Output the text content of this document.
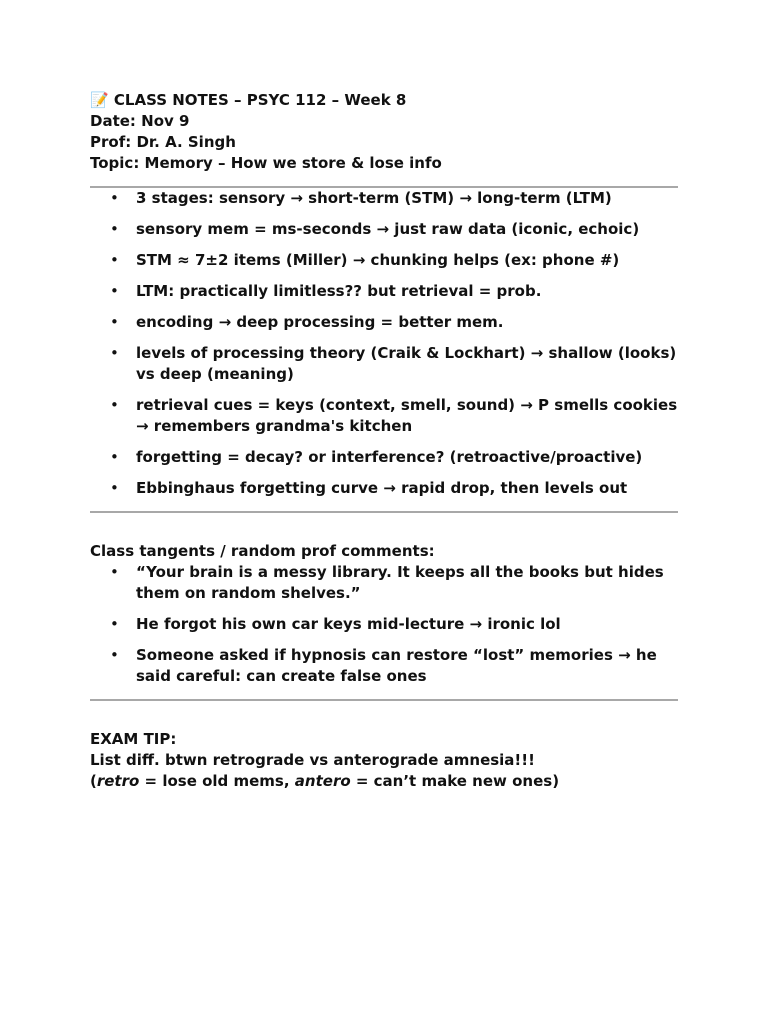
📝 CLASS NOTES – PSYC 112 – Week 8
Date: Nov 9
Prof: Dr. A. Singh
Topic: Memory – How we store & lose info
• 3 stages: sensory → short-term (STM) → long-term (LTM)
• sensory mem = ms-seconds → just raw data (iconic, echoic)
• STM ≈ 7±2 items (Miller) → chunking helps (ex: phone #)
• LTM: practically limitless?? but retrieval = prob.
• encoding → deep processing = better mem.
• levels of processing theory (Craik & Lockhart) → shallow (looks) vs deep (meaning)
• retrieval cues = keys (context, smell, sound) → P smells cookies → remembers grandma's kitchen
• forgetting = decay? or interference? (retroactive/proactive)
• Ebbinghaus forgetting curve → rapid drop, then levels out
Class tangents / random prof comments:
• “Your brain is a messy library. It keeps all the books but hides them on random shelves.”
• He forgot his own car keys mid-lecture → ironic lol
• Someone asked if hypnosis can restore “lost” memories → he said careful: can create false ones
EXAM TIP:
List diff. btwn retrograde vs anterograde amnesia!!!
(retro = lose old mems, antero = can’t make new ones)
